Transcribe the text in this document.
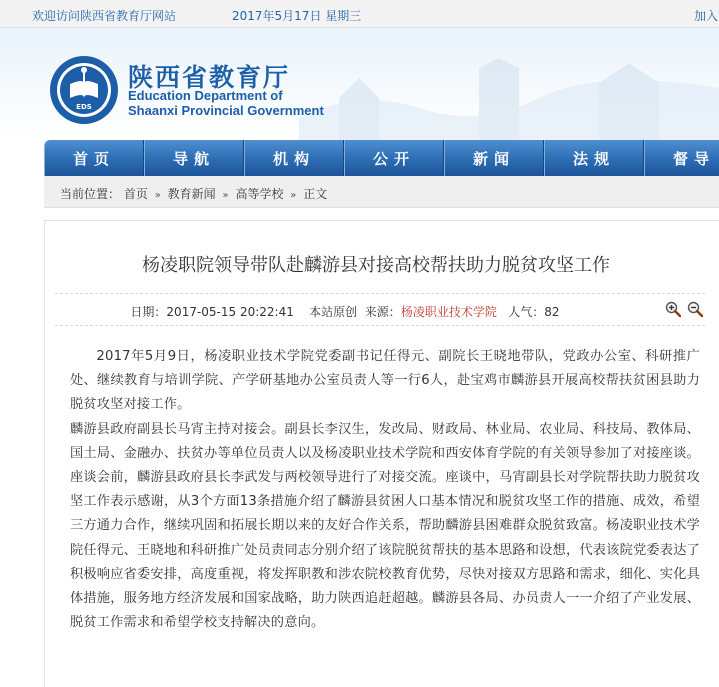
欢迎访问陕西省教育厅网站	2017年5月17日 星期三	加入
EDS
陕西省教育厅
Education Department of
Shaanxi Provincial Government
首页	导航	机构	公开	新闻	法规	督导
当前位置： 首页 » 教育新闻 » 高等学校 » 正文
杨凌职院领导带队赴麟游县对接高校帮扶助力脱贫攻坚工作
日期：2017-05-15 20:22:41 本站原创 来源：杨凌职业技术学院 人气：82

2017年5月9日，杨凌职业技术学院党委副书记任得元、副院长王晓地带队，党政办公室、科研推广处、继续教育与培训学院、产学研基地办公室员责人等一行6人，赴宝鸡市麟游县开展高校帮扶贫困县助力脱贫攻坚对接工作。

麟游县政府副县长马宵主持对接会。副县长李汉生，发改局、财政局、林业局、农业局、科技局、教体局、国土局、金融办、扶贫办等单位员责人以及杨凌职业技术学院和西安体育学院的有关领导参加了对接座谈。座谈会前，麟游县政府县长李武发与两校领导进行了对接交流。座谈中，马宵副县长对学院帮扶助力脱贫攻坚工作表示感谢，从3个方面13条措施介绍了麟游县贫困人口基本情况和脱贫攻坚工作的措施、成效，希望三方通力合作，继续巩固和拓展长期以来的友好合作关系，帮助麟游县困难群众脱贫致富。杨凌职业技术学院任得元、王晓地和科研推广处员责同志分别介绍了该院脱贫帮扶的基本思路和设想，代表该院党委表达了积极响应省委安排，高度重视，将发挥职教和涉农院校教育优势，尽快对接双方思路和需求，细化、实化具体措施，服务地方经济发展和国家战略，助力陕西追赶超越。麟游县各局、办员责人一一介绍了产业发展、脱贫工作需求和希望学校支持解决的意向。
